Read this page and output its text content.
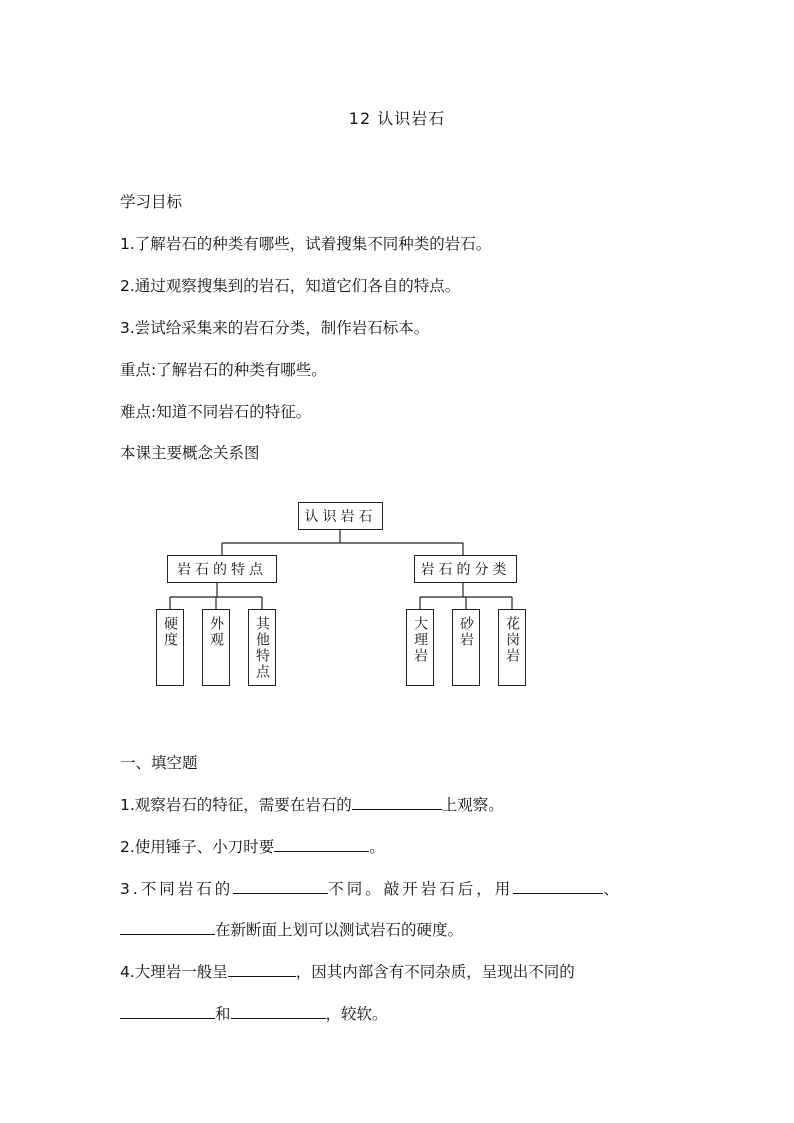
12 认识岩石
学习目标
1.了解岩石的种类有哪些，试着搜集不同种类的岩石。
2.通过观察搜集到的岩石，知道它们各自的特点。
3.尝试给采集来的岩石分类，制作岩石标本。
重点:了解岩石的种类有哪些。
难点:知道不同岩石的特征。
本课主要概念关系图
认识岩石
岩石的特点	岩石的分类
硬度 外观 其他特点	大理岩 砂岩 花岗岩
一、填空题
1.观察岩石的特征，需要在岩石的	上观察。
2.使用锤子、小刀时要	。
3.不同岩石的	不同。敲开岩石后，用	、
在新断面上划可以测试岩石的硬度。
4.大理岩一般呈	，因其内部含有不同杂质，呈现出不同的
和	，较软。
